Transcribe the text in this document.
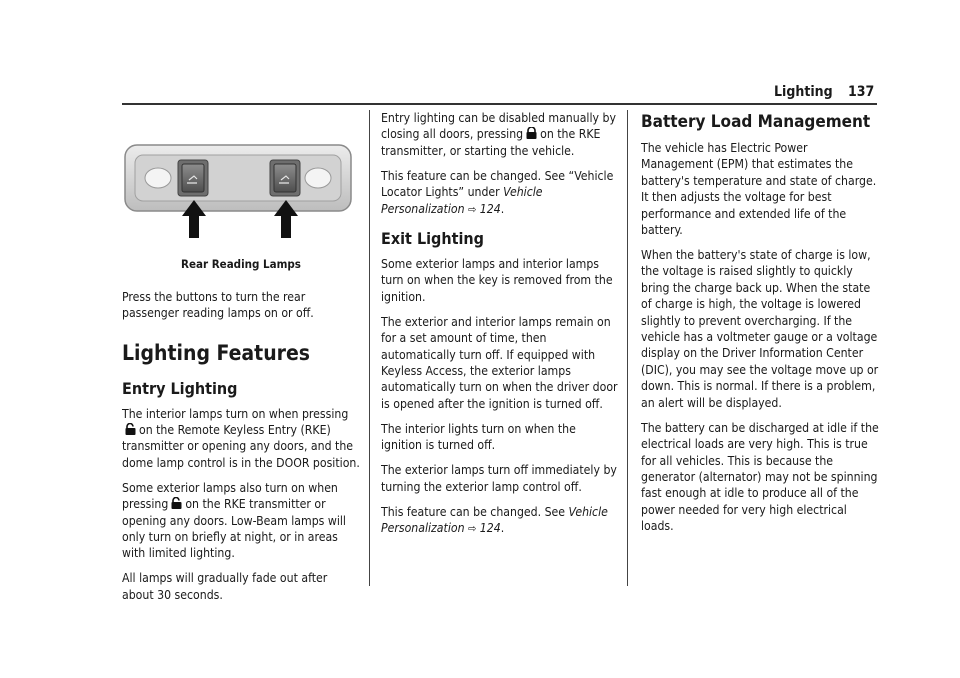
Lighting 137
Rear Reading Lamps

Press the buttons to turn the rear passenger reading lamps on or off.

Lighting Features
Entry Lighting

The interior lamps turn on when pressingon the Remote Keyless Entry (RKE) transmitter or opening any doors, and the dome lamp control is in the DOOR position.

Some exterior lamps also turn on when pressing on the RKE transmitter or opening any doors. Low-Beam lamps will only turn on briefly at night, or in areas with limited lighting.

All lamps will gradually fade out after about 30 seconds.

Entry lighting can be disabled manually by closing all doors, pressing on the RKE transmitter, or starting the vehicle.

This feature can be changed. See “Vehicle Locator Lights” under Vehicle Personalization ⇨ 124.

Exit Lighting

Some exterior lamps and interior lamps turn on when the key is removed from the ignition.

The exterior and interior lamps remain on for a set amount of time, then automatically turn off. If equipped with Keyless Access, the exterior lamps automatically turn on when the driver door is opened after the ignition is turned off.

The interior lights turn on when the ignition is turned off.

The exterior lamps turn off immediately by turning the exterior lamp control off.

This feature can be changed. See Vehicle Personalization ⇨ 124.

Battery Load Management

The vehicle has Electric Power Management (EPM) that estimates the battery's temperature and state of charge. It then adjusts the voltage for best performance and extended life of the battery.

When the battery's state of charge is low, the voltage is raised slightly to quickly bring the charge back up. When the state of charge is high, the voltage is lowered slightly to prevent overcharging. If the vehicle has a voltmeter gauge or a voltage display on the Driver Information Center (DIC), you may see the voltage move up or down. This is normal. If there is a problem, an alert will be displayed.

The battery can be discharged at idle if the electrical loads are very high. This is true for all vehicles. This is because the generator (alternator) may not be spinning fast enough at idle to produce all of the power needed for very high electrical loads.
